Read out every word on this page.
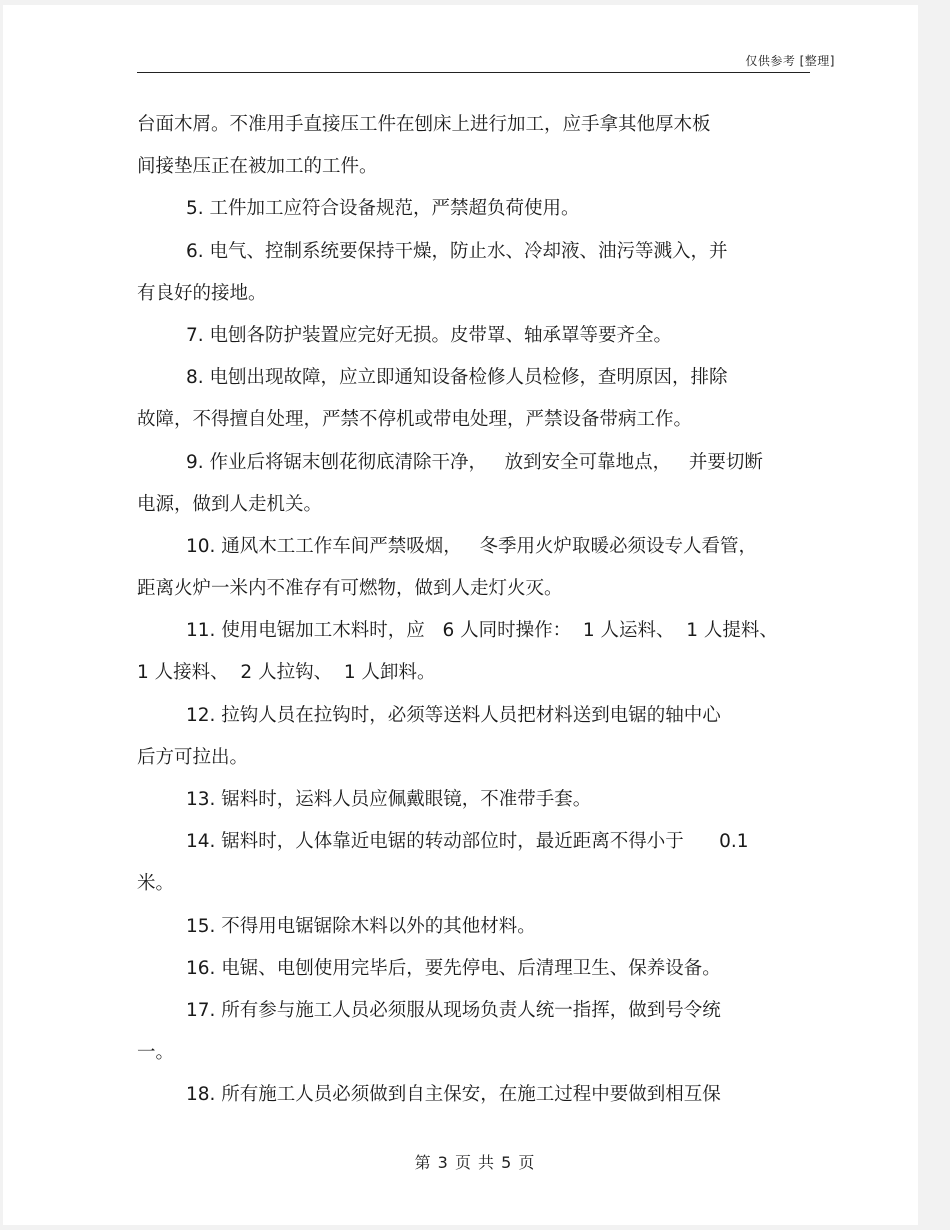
仅供参考 [整理]
台面木屑。不准用手直接压工件在刨床上进行加工，应手拿其他厚木板
间接垫压正在被加工的工件。
5. 工件加工应符合设备规范，严禁超负荷使用。
6. 电气、控制系统要保持干燥，防止水、冷却液、油污等溅入，并
有良好的接地。
7. 电刨各防护装置应完好无损。皮带罩、轴承罩等要齐全。
8. 电刨出现故障，应立即通知设备检修人员检修，查明原因，排除
故障，不得擅自处理，严禁不停机或带电处理，严禁设备带病工作。
9. 作业后将锯末刨花彻底清除干净，   放到安全可靠地点，   并要切断
电源，做到人走机关。
10. 通风木工工作车间严禁吸烟，   冬季用火炉取暖必须设专人看管，
距离火炉一米内不准存有可燃物，做到人走灯火灭。
11. 使用电锯加工木料时，应   6 人同时操作：  1 人运料、  1 人提料、
1 人接料、  2 人拉钩、  1 人卸料。
12. 拉钩人员在拉钩时，必须等送料人员把材料送到电锯的轴中心
后方可拉出。
13. 锯料时，运料人员应佩戴眼镜，不准带手套。
14. 锯料时，人体靠近电锯的转动部位时，最近距离不得小于      0.1
米。
15. 不得用电锯锯除木料以外的其他材料。
16. 电锯、电刨使用完毕后，要先停电、后清理卫生、保养设备。
17. 所有参与施工人员必须服从现场负责人统一指挥，做到号令统
一。
18. 所有施工人员必须做到自主保安，在施工过程中要做到相互保
第 3 页 共 5 页
